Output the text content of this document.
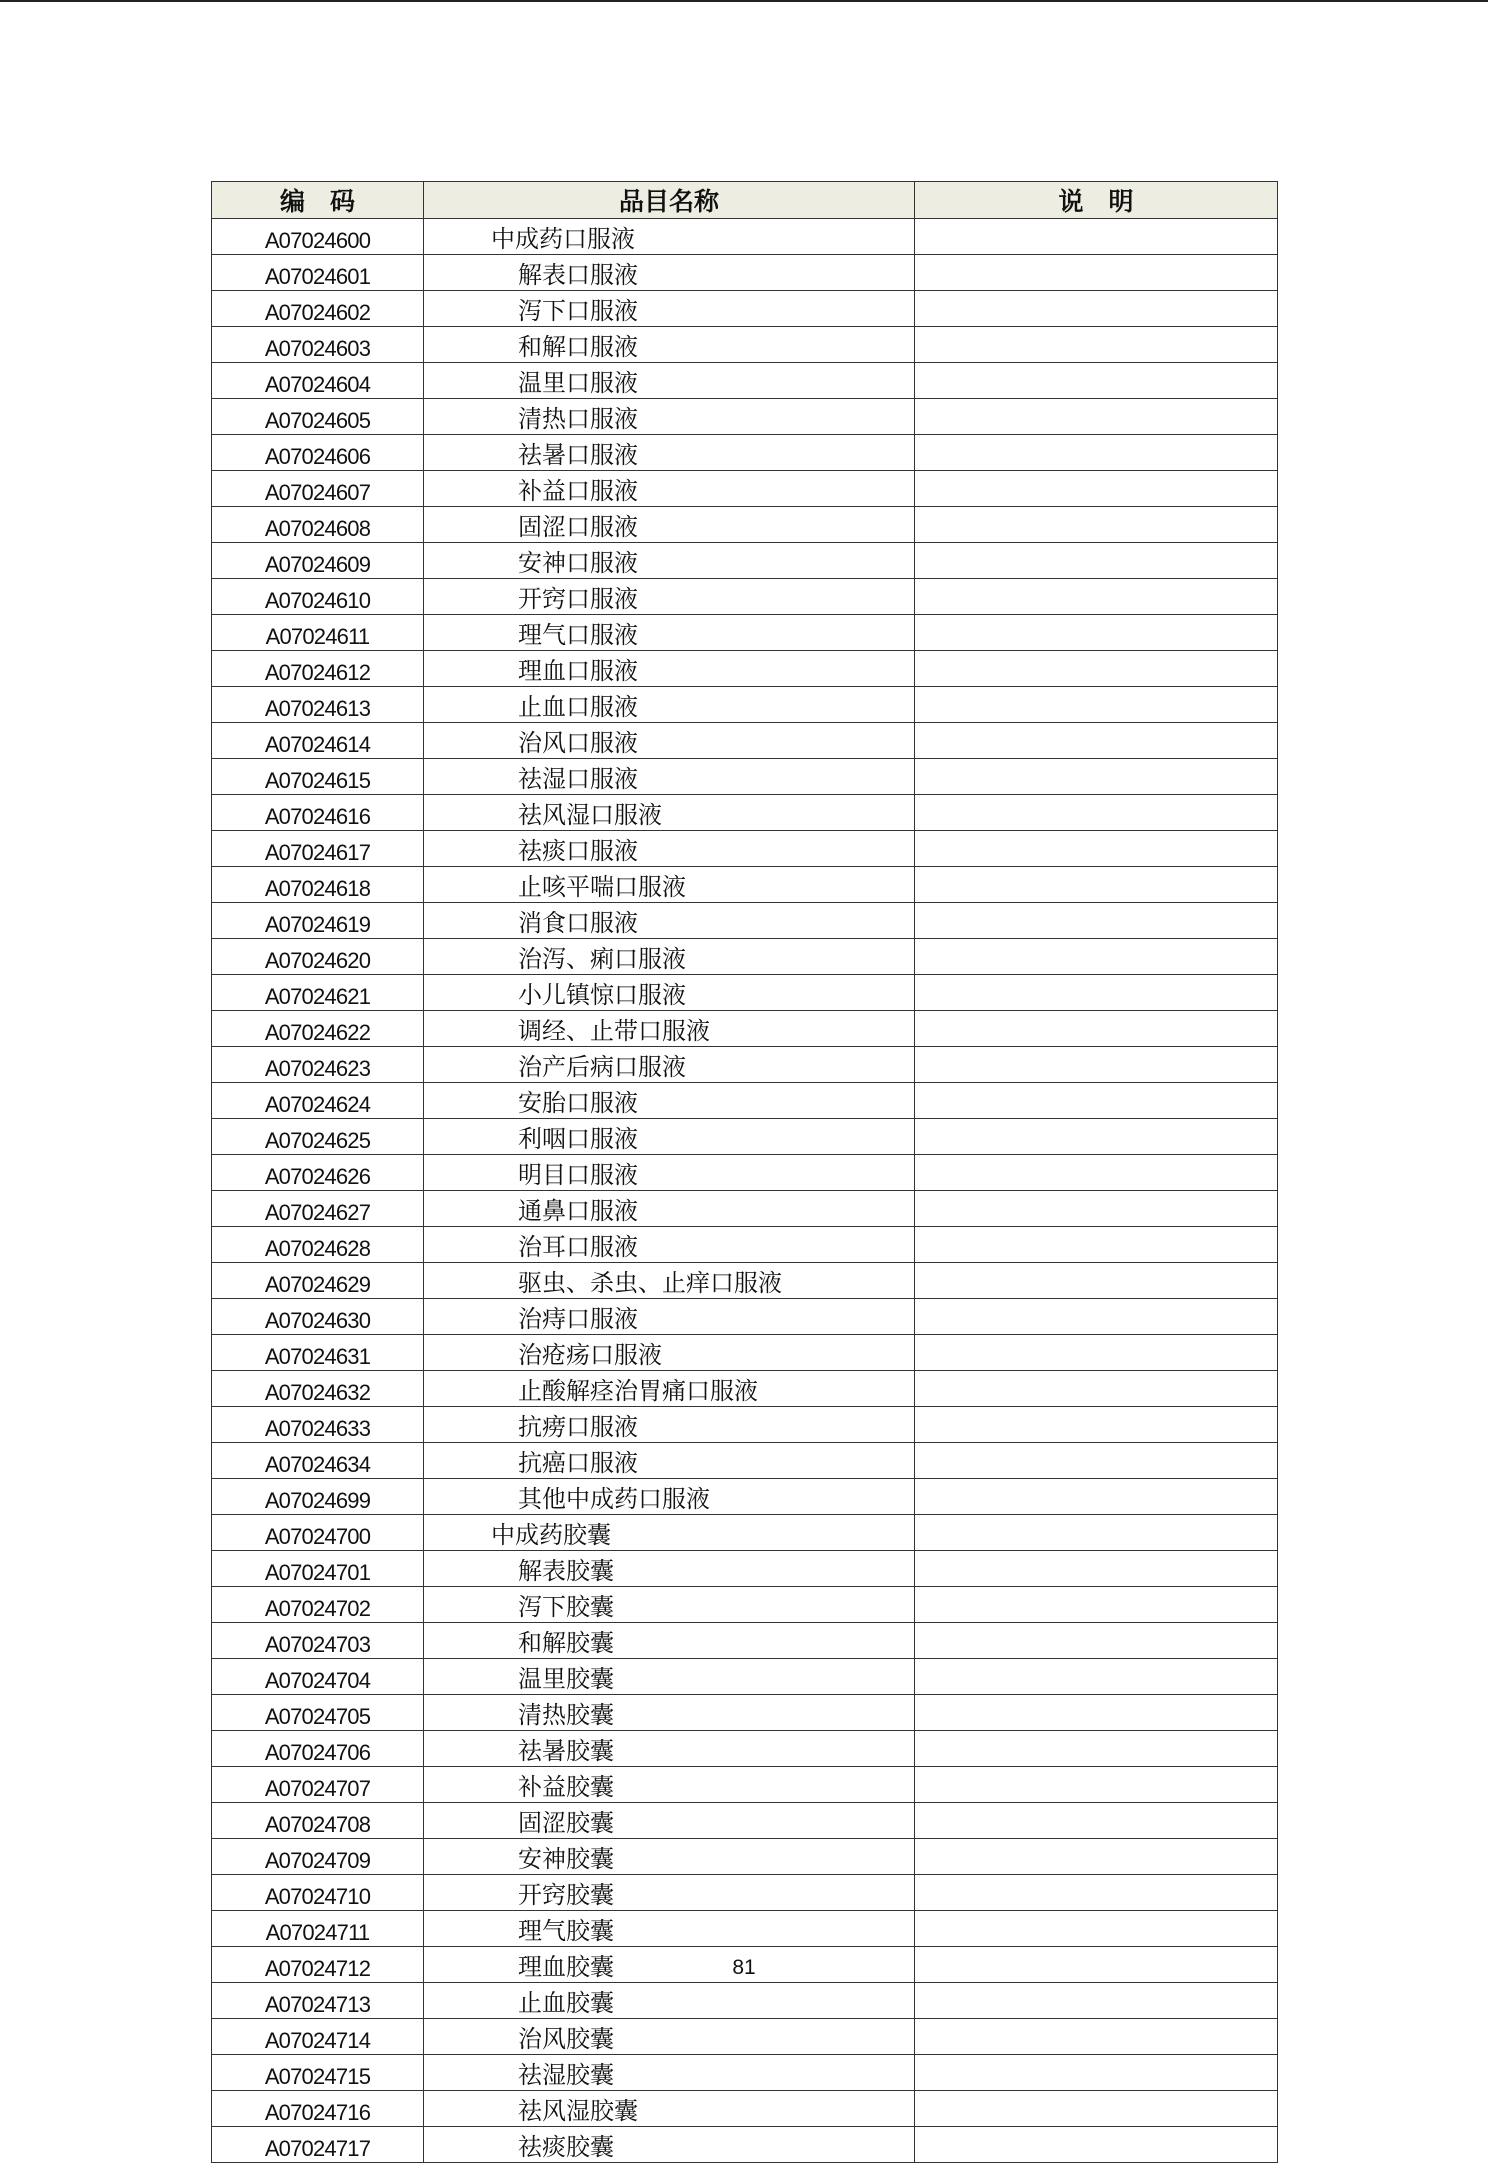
编　码	品目名称	说　明
A07024600	中成药口服液	
A07024601	解表口服液	
A07024602	泻下口服液	
A07024603	和解口服液	
A07024604	温里口服液	
A07024605	清热口服液	
A07024606	祛暑口服液	
A07024607	补益口服液	
A07024608	固涩口服液	
A07024609	安神口服液	
A07024610	开窍口服液	
A07024611	理气口服液	
A07024612	理血口服液	
A07024613	止血口服液	
A07024614	治风口服液	
A07024615	祛湿口服液	
A07024616	祛风湿口服液	
A07024617	祛痰口服液	
A07024618	止咳平喘口服液	
A07024619	消食口服液	
A07024620	治泻、痢口服液	
A07024621	小儿镇惊口服液	
A07024622	调经、止带口服液	
A07024623	治产后病口服液	
A07024624	安胎口服液	
A07024625	利咽口服液	
A07024626	明目口服液	
A07024627	通鼻口服液	
A07024628	治耳口服液	
A07024629	驱虫、杀虫、止痒口服液	
A07024630	治痔口服液	
A07024631	治疮疡口服液	
A07024632	止酸解痉治胃痛口服液	
A07024633	抗痨口服液	
A07024634	抗癌口服液	
A07024699	其他中成药口服液	
A07024700	中成药胶囊	
A07024701	解表胶囊	
A07024702	泻下胶囊	
A07024703	和解胶囊	
A07024704	温里胶囊	
A07024705	清热胶囊	
A07024706	祛暑胶囊	
A07024707	补益胶囊	
A07024708	固涩胶囊	
A07024709	安神胶囊	
A07024710	开窍胶囊	
A07024711	理气胶囊	
A07024712	理血胶囊	
A07024713	止血胶囊	
A07024714	治风胶囊	
A07024715	祛湿胶囊	
A07024716	祛风湿胶囊	
A07024717	祛痰胶囊	
81
